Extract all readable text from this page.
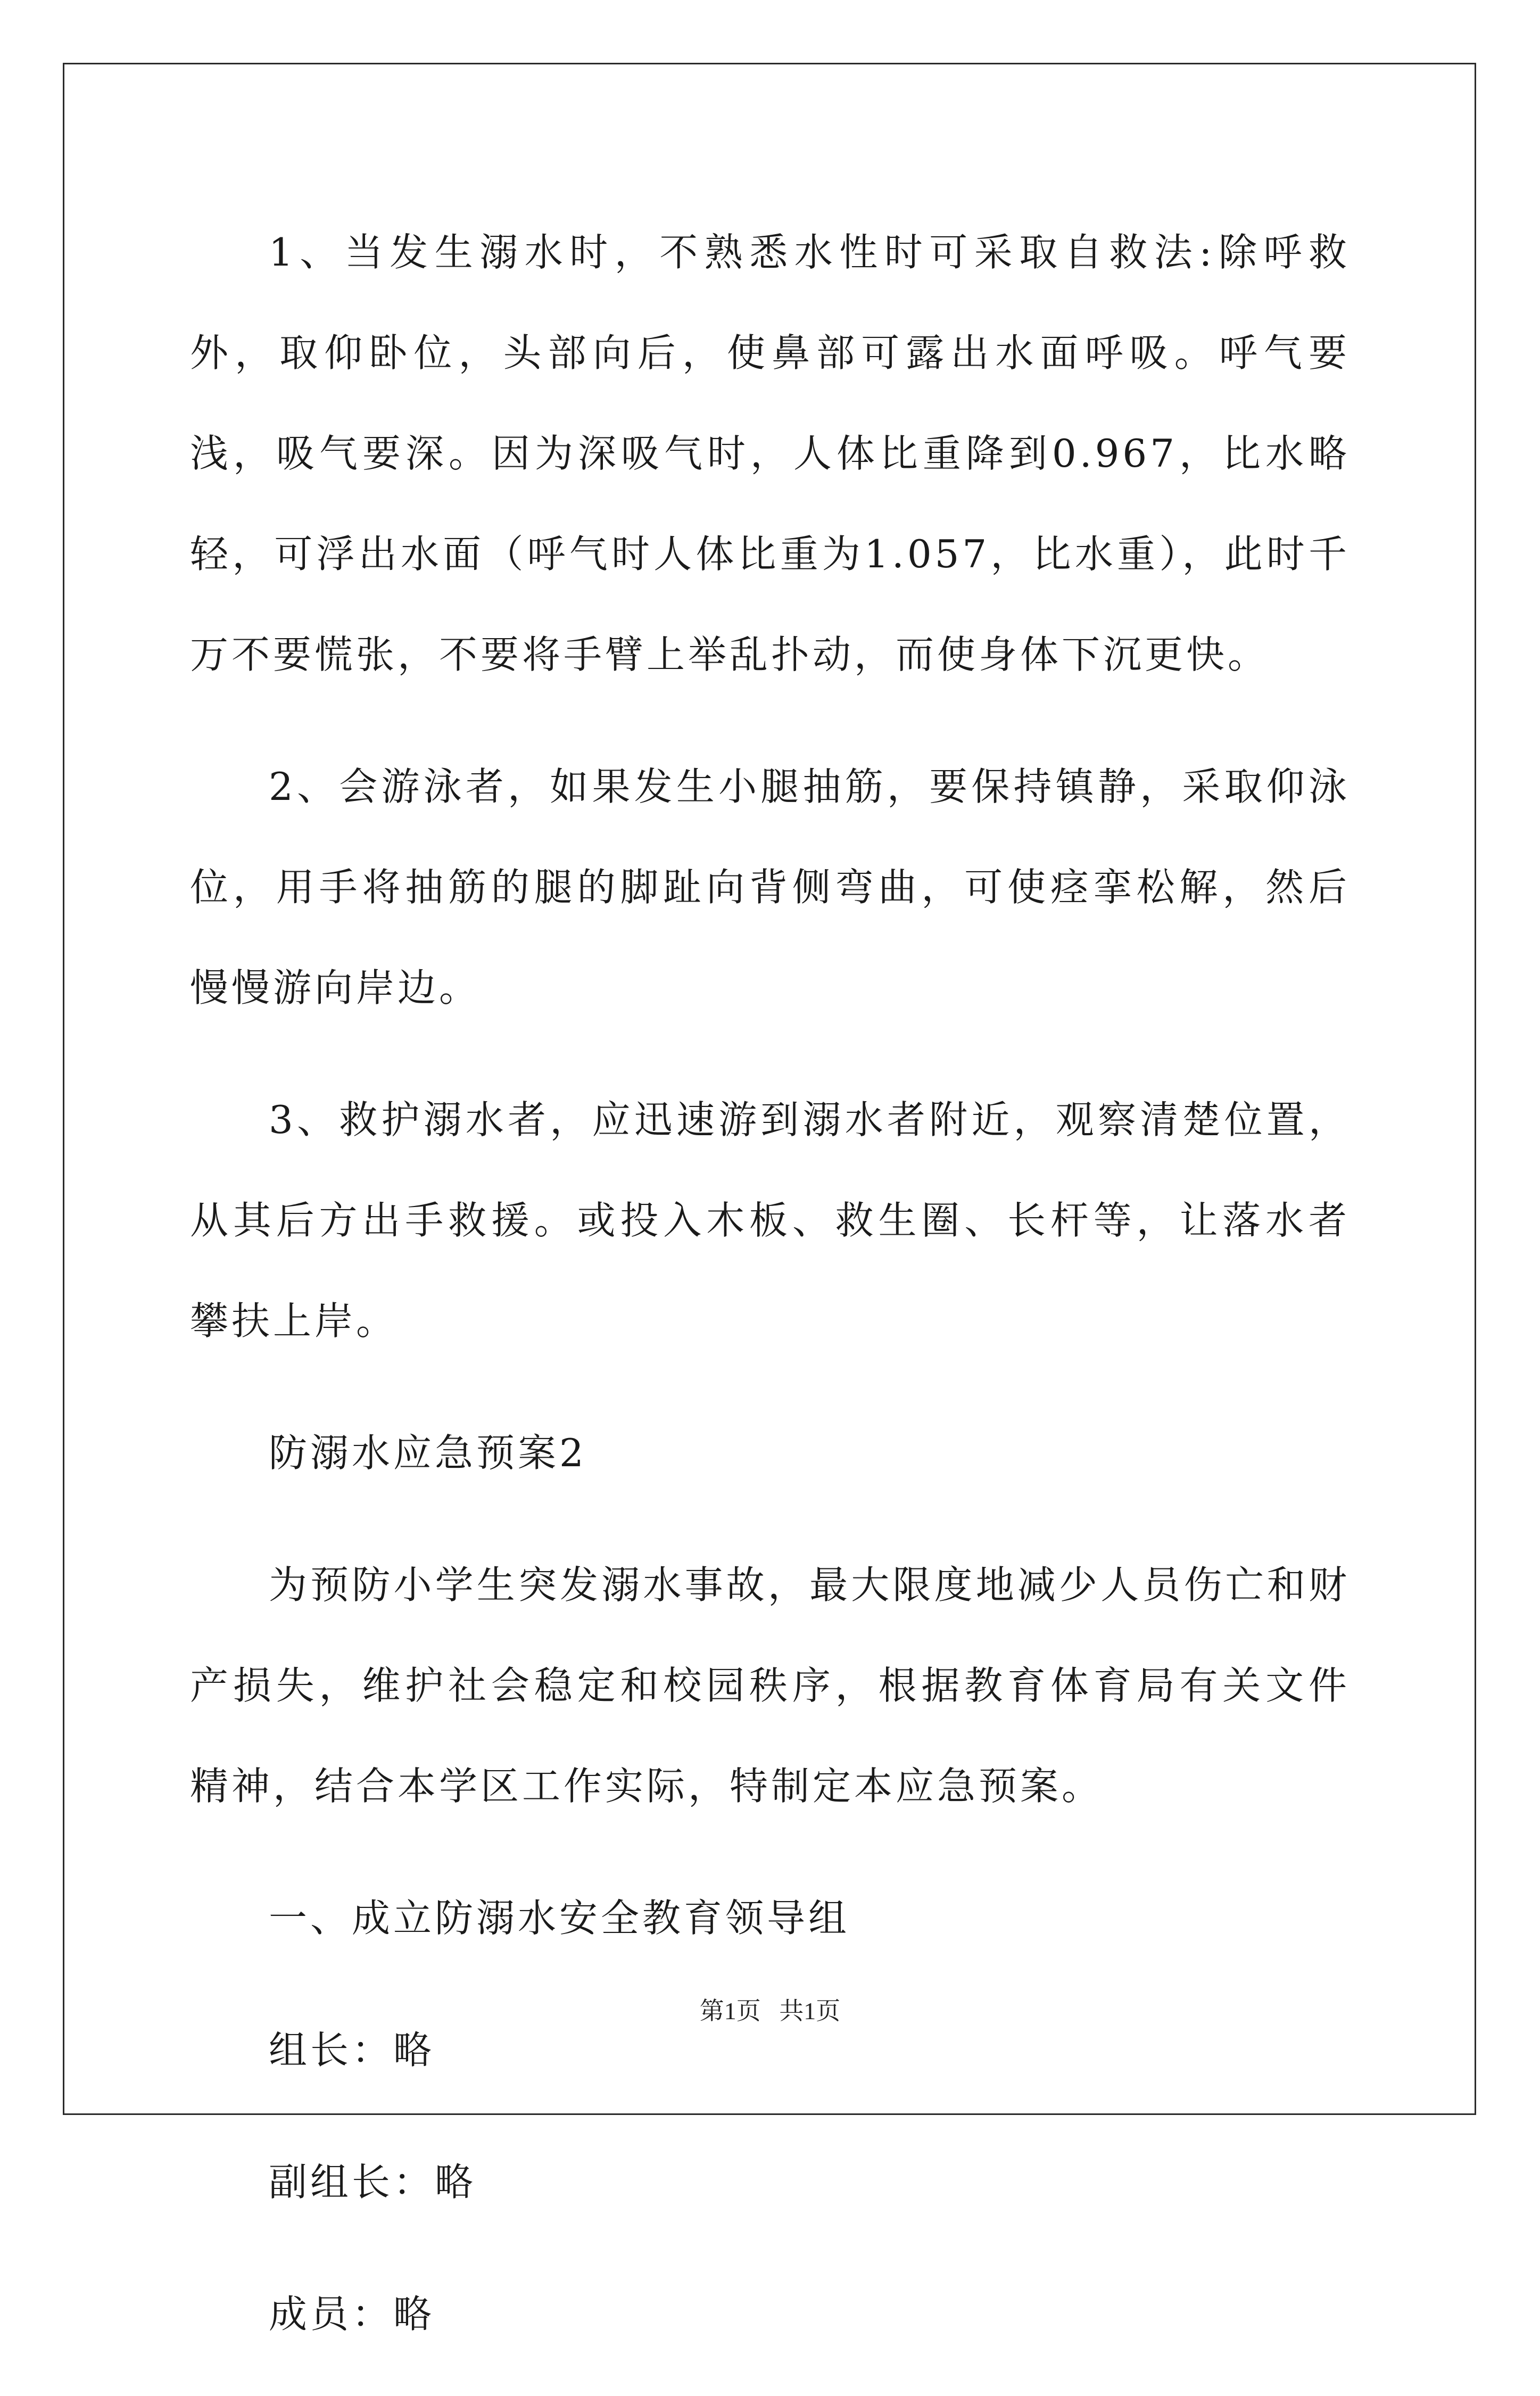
1、当发生溺水时，不熟悉水性时可采取自救法:除呼救外，取仰卧位，头部向后，使鼻部可露出水面呼吸。呼气要浅，吸气要深。因为深吸气时，人体比重降到0.967，比水略轻，可浮出水面（呼气时人体比重为1.057，比水重），此时千万不要慌张，不要将手臂上举乱扑动，而使身体下沉更快。

2、会游泳者，如果发生小腿抽筋，要保持镇静，采取仰泳位，用手将抽筋的腿的脚趾向背侧弯曲，可使痉挛松解，然后慢慢游向岸边。

3、救护溺水者，应迅速游到溺水者附近，观察清楚位置，从其后方出手救援。或投入木板、救生圈、长杆等，让落水者攀扶上岸。

防溺水应急预案2

为预防小学生突发溺水事故，最大限度地减少人员伤亡和财产损失，维护社会稳定和校园秩序，根据教育体育局有关文件精神，结合本学区工作实际，特制定本应急预案。

一、成立防溺水安全教育领导组

组长：略

副组长：略

成员：略

第1页   共1页
